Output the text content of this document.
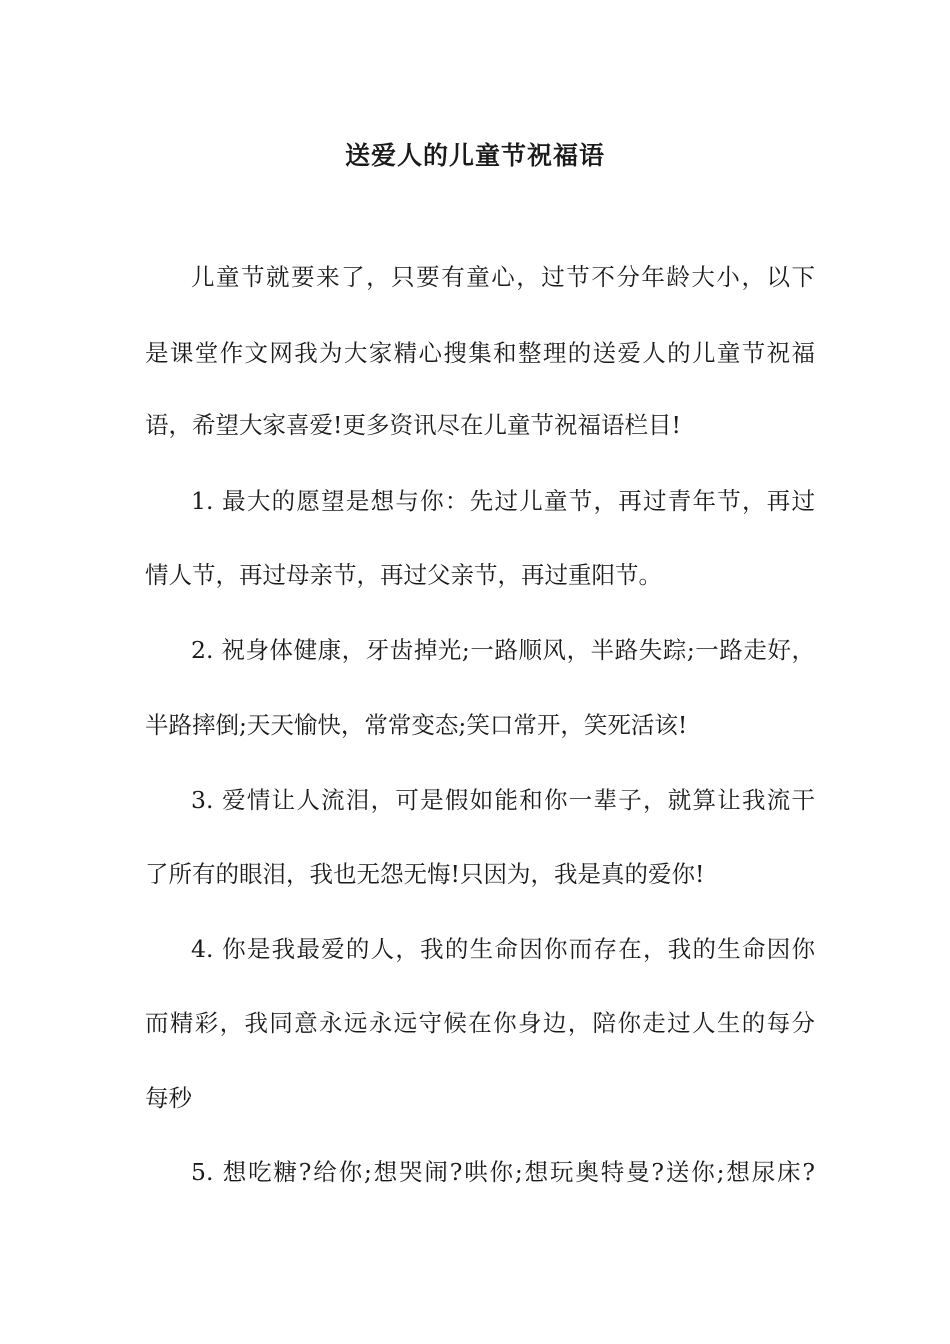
送爱人的儿童节祝福语
儿童节就要来了，只要有童心，过节不分年龄大小，以下
是课堂作文网我为大家精心搜集和整理的送爱人的儿童节祝福
语，希望大家喜爱!更多资讯尽在儿童节祝福语栏目!
1. 最大的愿望是想与你：先过儿童节，再过青年节，再过
情人节，再过母亲节，再过父亲节，再过重阳节。
2. 祝身体健康，牙齿掉光;一路顺风，半路失踪;一路走好，
半路摔倒;天天愉快，常常变态;笑口常开，笑死活该!
3. 爱情让人流泪，可是假如能和你一辈子，就算让我流干
了所有的眼泪，我也无怨无悔!只因为，我是真的爱你!
4. 你是我最爱的人，我的生命因你而存在，我的生命因你
而精彩，我同意永远永远守候在你身边，陪你走过人生的每分
每秒
5. 想吃糖?给你;想哭闹?哄你;想玩奥特曼?送你;想尿床?
